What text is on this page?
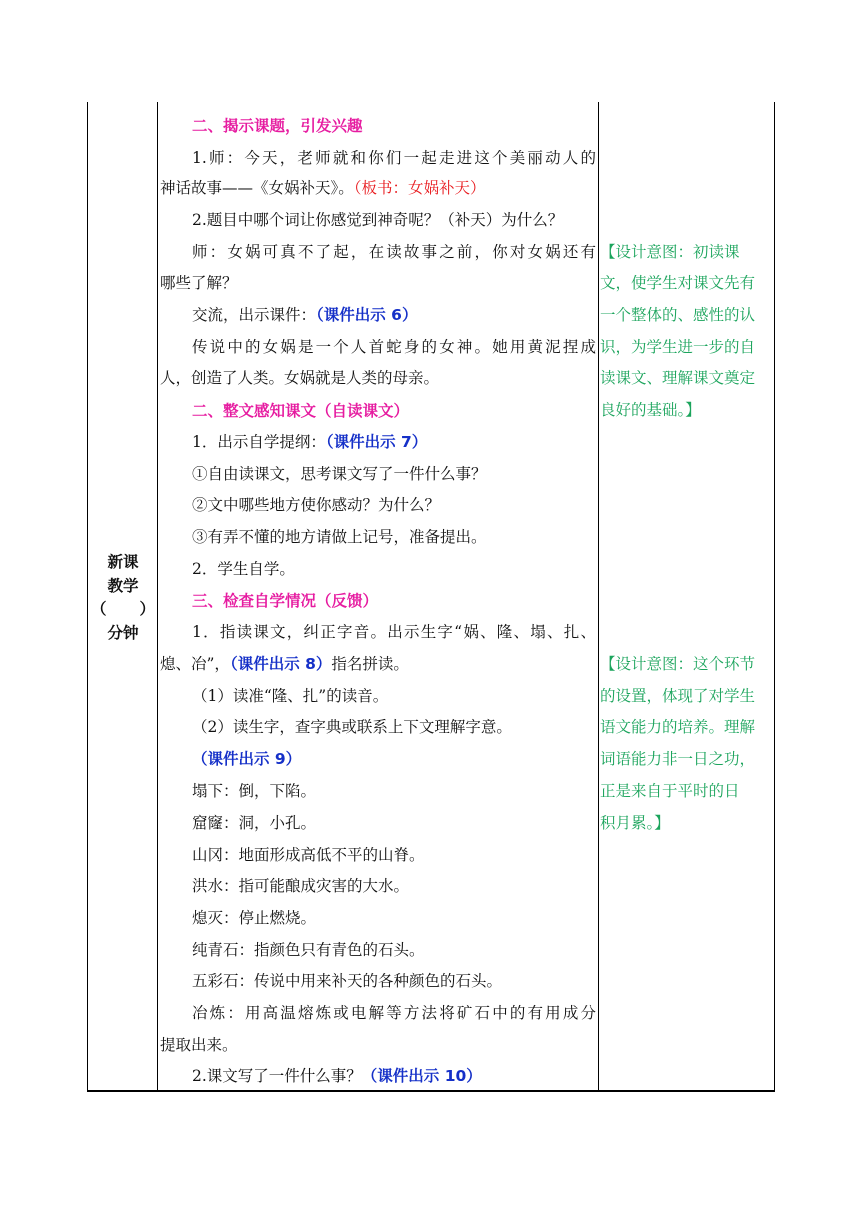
新课
教学
（ ）
分钟
二、揭示课题，引发兴趣
1.师：今天，老师就和你们一起走进这个美丽动人的
神话故事——《女娲补天》。（板书：女娲补天）
2.题目中哪个词让你感觉到神奇呢？（补天）为什么？
师：女娲可真不了起，在读故事之前，你对女娲还有
哪些了解？
交流，出示课件：（课件出示 6）
传说中的女娲是一个人首蛇身的女神。她用黄泥捏成
人，创造了人类。女娲就是人类的母亲。
二、整文感知课文（自读课文）
1．出示自学提纲：（课件出示 7）
①自由读课文，思考课文写了一件什么事？
②文中哪些地方使你感动？为什么？
③有弄不懂的地方请做上记号，准备提出。
2．学生自学。
三、检查自学情况（反馈）
1．指读课文，纠正字音。出示生字“娲、隆、塌、扎、
熄、冶”，（课件出示 8）指名拼读。
（1）读准“隆、扎”的读音。
（2）读生字，查字典或联系上下文理解字意。
（课件出示 9）
塌下：倒，下陷。
窟窿：洞，小孔。
山冈：地面形成高低不平的山脊。
洪水：指可能酿成灾害的大水。
熄灭：停止燃烧。
纯青石：指颜色只有青色的石头。
五彩石：传说中用来补天的各种颜色的石头。
冶炼：用高温熔炼或电解等方法将矿石中的有用成分
提取出来。
2.课文写了一件什么事？（课件出示 10）
【设计意图：初读课
文，使学生对课文先有
一个整体的、感性的认
识，为学生进一步的自
读课文、理解课文奠定
良好的基础。】
【设计意图：这个环节
的设置，体现了对学生
语文能力的培养。理解
词语能力非一日之功，
正是来自于平时的日
积月累。】
